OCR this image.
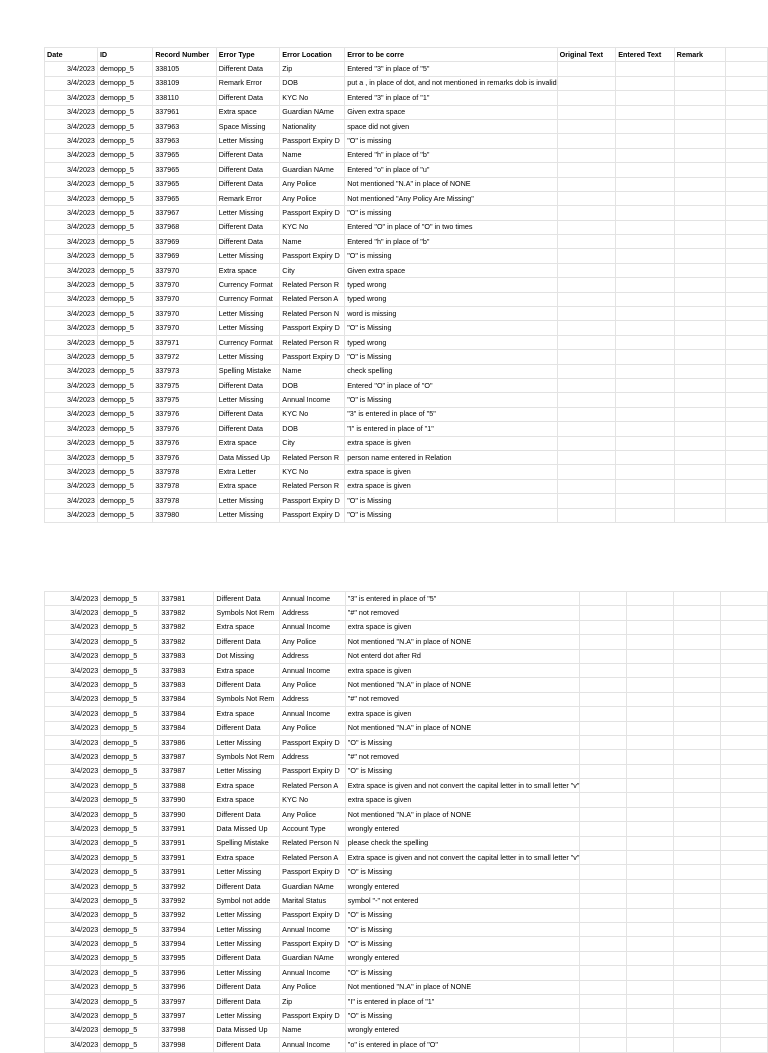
Date	ID	Record Number	Error Type	Error Location	Error to be corre	Original Text	Entered Text	Remark	
3/4/2023	demopp_5	338105	Different Data	Zip	Entered "3" in place of "5"				
3/4/2023	demopp_5	338109	Remark Error	DOB	put a , in place of dot, and not mentioned in remarks dob is invalid				
3/4/2023	demopp_5	338110	Different Data	KYC No	Entered "3" in place of "1"				
3/4/2023	demopp_5	337961	Extra space	Guardian NAme	Given extra space				
3/4/2023	demopp_5	337963	Space Missing	Nationality	space did not given				
3/4/2023	demopp_5	337963	Letter Missing	Passport Expiry D	"O" is missing				
3/4/2023	demopp_5	337965	Different Data	Name	Entered "h" in place of "b"				
3/4/2023	demopp_5	337965	Different Data	Guardian NAme	Entered "o" in place of "u"				
3/4/2023	demopp_5	337965	Different Data	Any Police	Not mentioned "N.A" in place of NONE				
3/4/2023	demopp_5	337965	Remark Error	Any Police	Not mentioned "Any Policy Are Missing"				
3/4/2023	demopp_5	337967	Letter Missing	Passport Expiry D	"O" is missing				
3/4/2023	demopp_5	337968	Different Data	KYC No	Entered "O" in place of "O" in two times				
3/4/2023	demopp_5	337969	Different Data	Name	Entered "h" in place of "b"				
3/4/2023	demopp_5	337969	Letter Missing	Passport Expiry D	"O" is missing				
3/4/2023	demopp_5	337970	Extra space	City	Given extra space				
3/4/2023	demopp_5	337970	Currency Format	Related Person R	typed wrong				
3/4/2023	demopp_5	337970	Currency Format	Related Person A	typed wrong				
3/4/2023	demopp_5	337970	Letter Missing	Related Person N	word is missing				
3/4/2023	demopp_5	337970	Letter Missing	Passport Expiry D	"O" is Missing				
3/4/2023	demopp_5	337971	Currency Format	Related Person R	typed wrong				
3/4/2023	demopp_5	337972	Letter Missing	Passport Expiry D	"O" is Missing				
3/4/2023	demopp_5	337973	Spelling Mistake	Name	check spelling				
3/4/2023	demopp_5	337975	Different Data	DOB	Entered "O" in place of "O"				
3/4/2023	demopp_5	337975	Letter Missing	Annual Income	"O" is Missing				
3/4/2023	demopp_5	337976	Different Data	KYC No	"3" is entered in place of "5"				
3/4/2023	demopp_5	337976	Different Data	DOB	"I" is entered in place of "1"				
3/4/2023	demopp_5	337976	Extra space	City	extra space is given				
3/4/2023	demopp_5	337976	Data Missed Up	Related Person R	person name entered in Relation				
3/4/2023	demopp_5	337978	Extra Letter	KYC No	extra space is given				
3/4/2023	demopp_5	337978	Extra space	Related Person R	extra space is given				
3/4/2023	demopp_5	337978	Letter Missing	Passport Expiry D	"O" is Missing				
3/4/2023	demopp_5	337980	Letter Missing	Passport Expiry D	"O" is Missing				
3/4/2023	demopp_5	337981	Different Data	Annual Income	"3" is entered in place of "5"				
3/4/2023	demopp_5	337982	Symbols Not Rem	Address	"#" not removed				
3/4/2023	demopp_5	337982	Extra space	Annual Income	extra space is given				
3/4/2023	demopp_5	337982	Different Data	Any Police	Not mentioned "N.A" in place of NONE				
3/4/2023	demopp_5	337983	Dot Missing	Address	Not enterd dot after Rd				
3/4/2023	demopp_5	337983	Extra space	Annual Income	extra space is given				
3/4/2023	demopp_5	337983	Different Data	Any Police	Not mentioned "N.A" in place of NONE				
3/4/2023	demopp_5	337984	Symbols Not Rem	Address	"#" not removed				
3/4/2023	demopp_5	337984	Extra space	Annual Income	extra space is given				
3/4/2023	demopp_5	337984	Different Data	Any Police	Not mentioned "N.A" in place of NONE				
3/4/2023	demopp_5	337986	Letter Missing	Passport Expiry D	"O" is Missing				
3/4/2023	demopp_5	337987	Symbols Not Rem	Address	"#" not removed				
3/4/2023	demopp_5	337987	Letter Missing	Passport Expiry D	"O" is Missing				
3/4/2023	demopp_5	337988	Extra space	Related Person A	Extra space is given and not convert the capital letter in to small letter "v"				
3/4/2023	demopp_5	337990	Extra space	KYC No	extra space is given				
3/4/2023	demopp_5	337990	Different Data	Any Police	Not mentioned "N.A" in place of NONE				
3/4/2023	demopp_5	337991	Data Missed Up	Account Type	wrongly entered				
3/4/2023	demopp_5	337991	Spelling Mistake	Related Person N	please check the spelling				
3/4/2023	demopp_5	337991	Extra space	Related Person A	Extra space is given and not convert the capital letter in to small letter "v"				
3/4/2023	demopp_5	337991	Letter Missing	Passport Expiry D	"O" is Missing				
3/4/2023	demopp_5	337992	Different Data	Guardian NAme	wrongly entered				
3/4/2023	demopp_5	337992	Symbol not adde	Marital Status	symbol "-" not entered				
3/4/2023	demopp_5	337992	Letter Missing	Passport Expiry D	"O" is Missing				
3/4/2023	demopp_5	337994	Letter Missing	Annual Income	"O" is Missing				
3/4/2023	demopp_5	337994	Letter Missing	Passport Expiry D	"O" is Missing				
3/4/2023	demopp_5	337995	Different Data	Guardian NAme	wrongly entered				
3/4/2023	demopp_5	337996	Letter Missing	Annual Income	"O" is Missing				
3/4/2023	demopp_5	337996	Different Data	Any Police	Not mentioned "N.A" in place of NONE				
3/4/2023	demopp_5	337997	Different Data	Zip	"I" is entered in place of "1"				
3/4/2023	demopp_5	337997	Letter Missing	Passport Expiry D	"O" is Missing				
3/4/2023	demopp_5	337998	Data Missed Up	Name	wrongly entered				
3/4/2023	demopp_5	337998	Different Data	Annual Income	"o" is entered in place of "O"				
